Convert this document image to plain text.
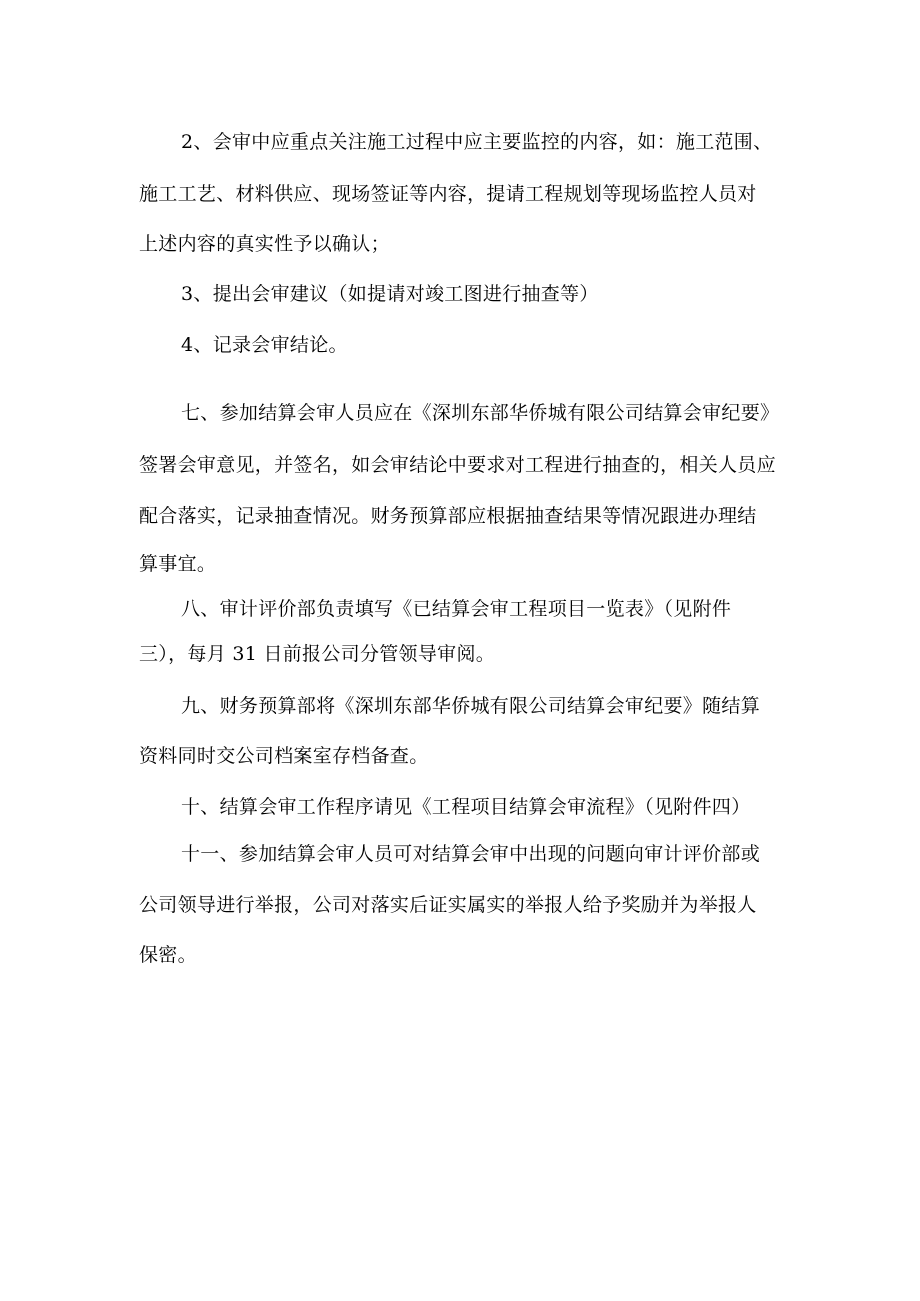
2、会审中应重点关注施工过程中应主要监控的内容，如：施工范围、
施工工艺、材料供应、现场签证等内容，提请工程规划等现场监控人员对
上述内容的真实性予以确认；
3、提出会审建议（如提请对竣工图进行抽查等）
4、记录会审结论。
七、参加结算会审人员应在《深圳东部华侨城有限公司结算会审纪要》
签署会审意见，并签名，如会审结论中要求对工程进行抽查的，相关人员应
配合落实，记录抽查情况。财务预算部应根据抽查结果等情况跟进办理结
算事宜。
八、审计评价部负责填写《已结算会审工程项目一览表》（见附件
三），每月 31 日前报公司分管领导审阅。
九、财务预算部将《深圳东部华侨城有限公司结算会审纪要》随结算
资料同时交公司档案室存档备查。
十、结算会审工作程序请见《工程项目结算会审流程》（见附件四）
十一、参加结算会审人员可对结算会审中出现的问题向审计评价部或
公司领导进行举报，公司对落实后证实属实的举报人给予奖励并为举报人
保密。
